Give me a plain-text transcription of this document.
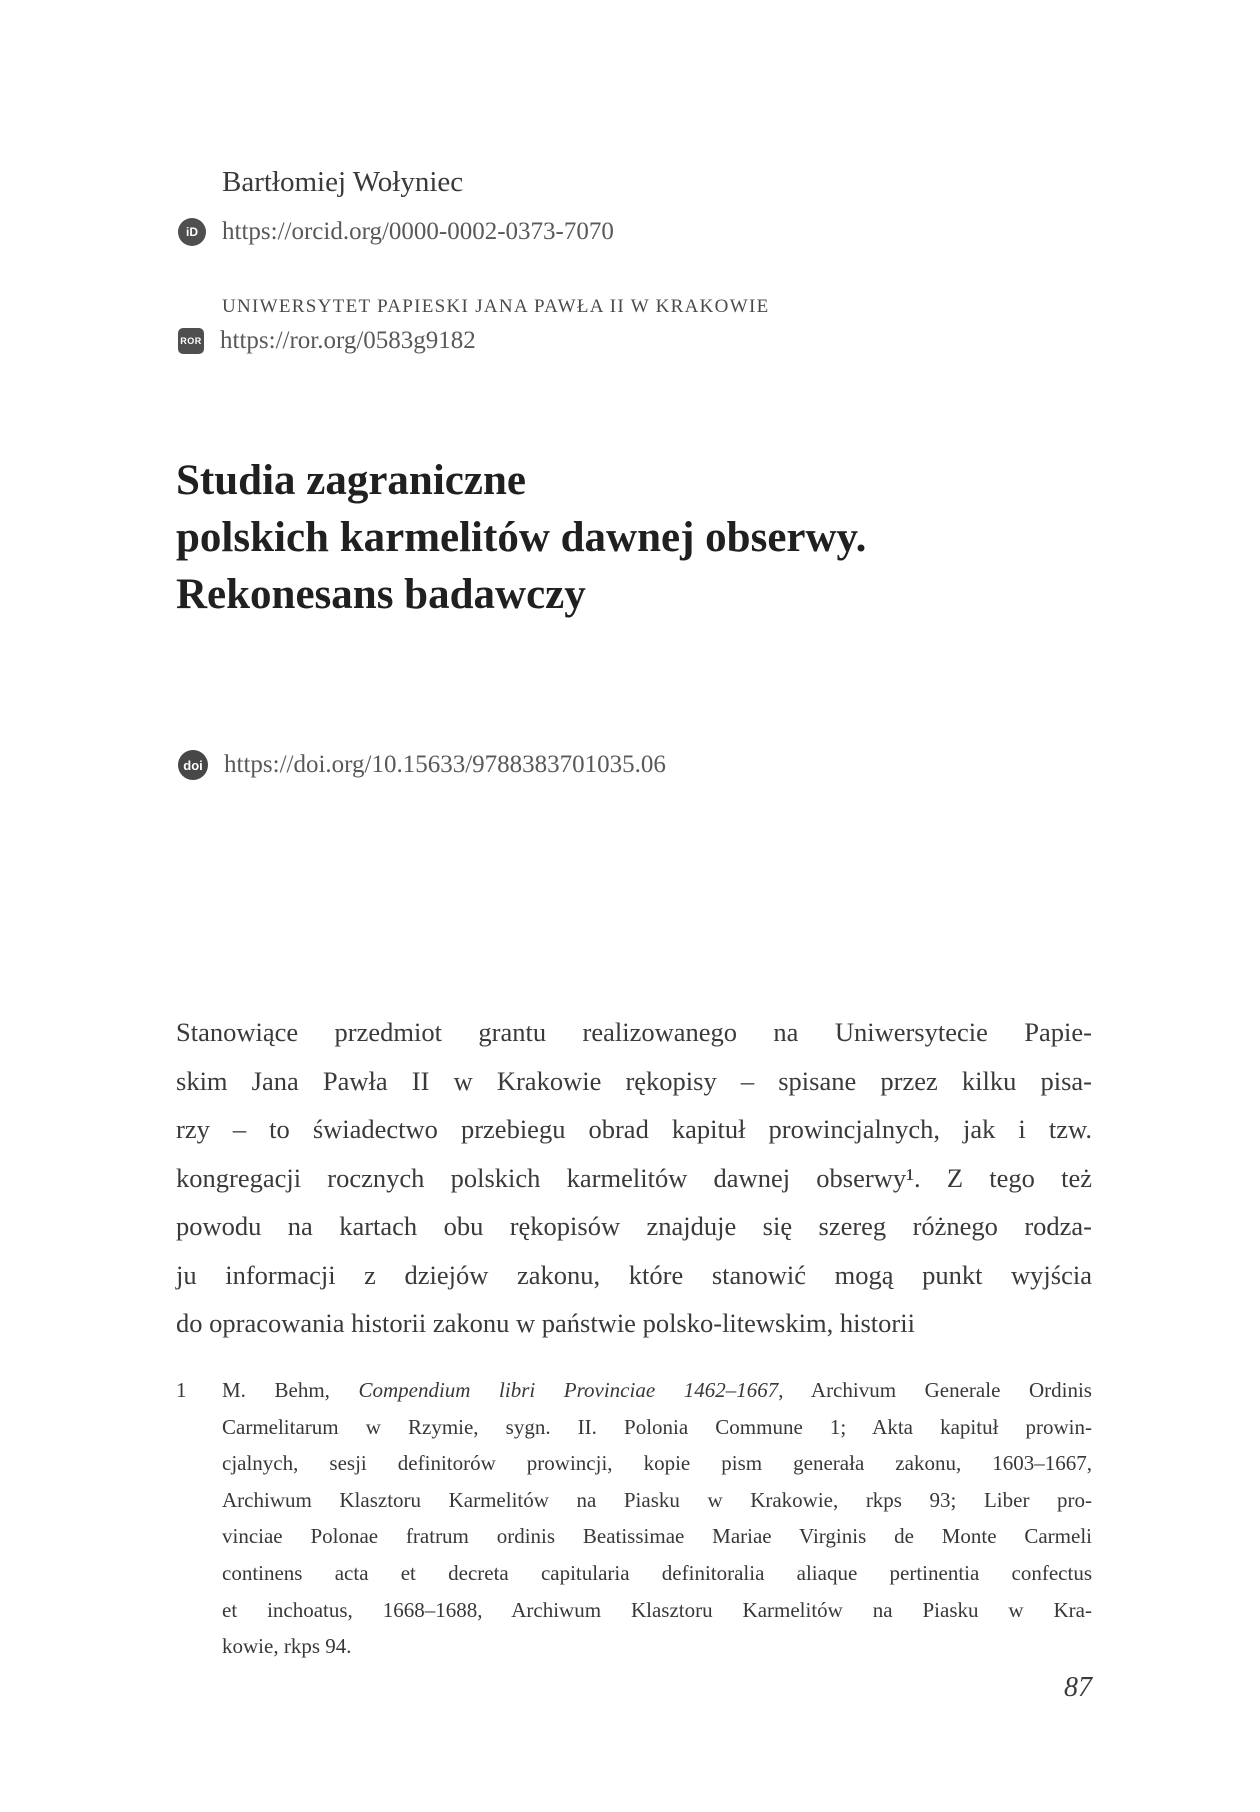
Bartłomiej Wołyniec
iD https://orcid.org/0000-0002-0373-7070
UNIWERSYTET PAPIESKI JANA PAWŁA II W KRAKOWIE
ROR https://ror.org/0583g9182
Studia zagraniczne
polskich karmelitów dawnej obserwy.
Rekonesans badawczy
doi https://doi.org/10.15633/9788383701035.06
Stanowiące przedmiot grantu realizowanego na Uniwersytecie Papie-
skim Jana Pawła II w Krakowie rękopisy – spisane przez kilku pisa-
rzy – to świadectwo przebiegu obrad kapituł prowincjalnych, jak i tzw.
kongregacji rocznych polskich karmelitów dawnej obserwy¹. Z tego też
powodu na kartach obu rękopisów znajduje się szereg różnego rodza-
ju informacji z dziejów zakonu, które stanowić mogą punkt wyjścia
do opracowania historii zakonu w państwie polsko-litewskim, historii
1 M. Behm, Compendium libri Provinciae 1462–1667, Archivum Generale Ordinis
Carmelitarum w Rzymie, sygn. II. Polonia Commune 1; Akta kapituł prowin-
cjalnych, sesji definitorów prowincji, kopie pism generała zakonu, 1603–1667,
Archiwum Klasztoru Karmelitów na Piasku w Krakowie, rkps 93; Liber pro-
vinciae Polonae fratrum ordinis Beatissimae Mariae Virginis de Monte Carmeli
continens acta et decreta capitularia definitoralia aliaque pertinentia confectus
et inchoatus, 1668–1688, Archiwum Klasztoru Karmelitów na Piasku w Kra-
kowie, rkps 94.
87
